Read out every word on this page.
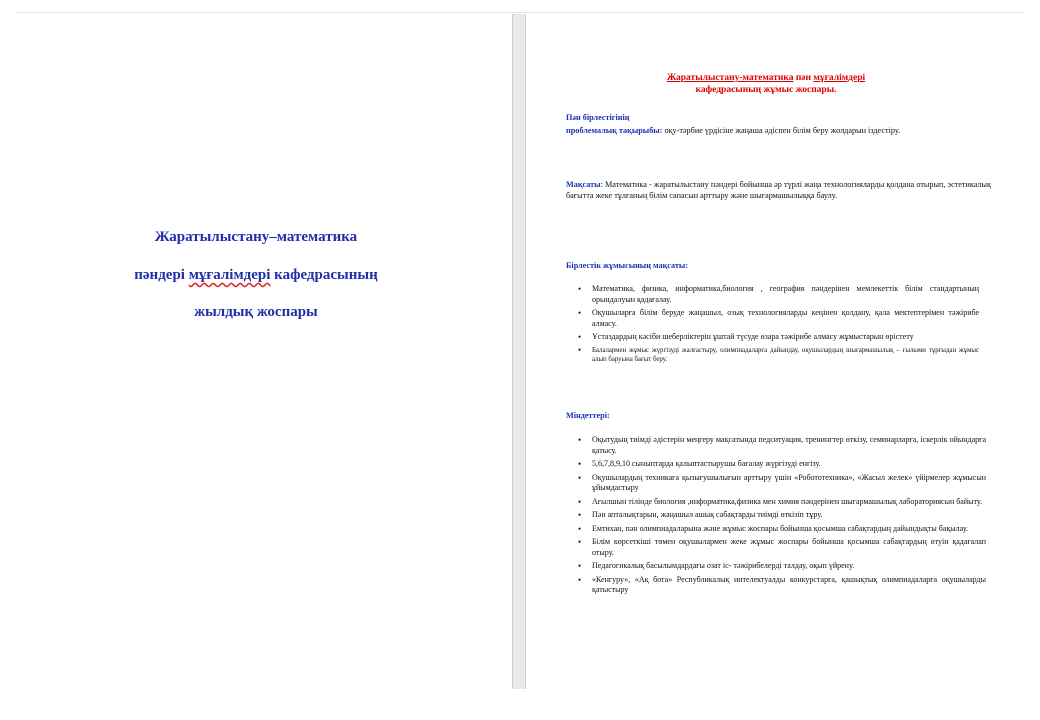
Жаратылыстану–математика
пәндері мұғалімдері кафедрасының
жылдық жоспары
Жаратылыстану-математика пән мұғалімдері
кафедрасының жұмыс жоспары.
Пән бірлестігінің
проблемалық тақырыбы: оқу-тәрбие үрдісіне жаңаша әдіспен білім беру жолдарын іздестіру.
Мақсаты: Математика - жаратылыстану пәндері бойынша әр түрлі жаңа технологияларды қолдана отырып, эстетикалық бағытта жеке тұлғаның білім сапасын арттыру және шығармашылыққа баулу.
Бірлестік жұмысының мақсаты:
• Математика, физика, информатика,биология , география пәндерінен мемлекеттік білім стандартының орындалуын қадағалау.
• Оқушыларға білім беруде жаңашыл, озық технологияларды кеңінен қолдану, қала мектептерімен тәжірибе алмасу.
• Ұстаздардың кәсіби шеберліктерін ұштай түсуде өзара тәжірибе алмасу жұмыстарын өрістету
• Балалармен жұмыс жүргізуді жалғастыру, олимпиадаларға дайындау, оқушылардың шығармашылық – ғылыми тұрғыдан жұмыс алып баруына бағыт беру.
Міндеттері:
• Оқытудың тиімді әдістерін меңгеру мақсатында педситуация, тренингтер өткізу, семинарларға, іскерлік ойындарға қатысу.
• 5,6,7,8,9,10 сыныптарда қалыптастырушы бағалау жүргізуді енгізу.
• Оқушылардың техникаға қызығушылығын арттыру үшін «Робототехника», «Жасыл желек» үйірмелер жұмысын ұйымдастыру
• Ағылшын тілінде биология ,информатика,физика мен химия пәндерінен шығармашылық лабораториясын байыту.
• Пән апталықтарын, жаңашыл ашық сабақтарды тиімді өткізіп тұру.
• Емтихан, пән олимпиадаларына және жұмыс жоспары бойынша қосымша сабақтардың дайындықты бақылау.
• Білім көрсеткіші төмен оқушылармен жеке жұмыс жоспары бойынша қосымша сабақтардың өтуін қадағалап отыру.
• Педагогикалық басылымдардағы озат іс- тәжірибелерді талдау, оқып үйрену.
• «Кенгуру», «Ақ бота» Республикалық интелектуалды конкурстарға, қашықтық олимпиадаларға оқушыларды қатыстыру
